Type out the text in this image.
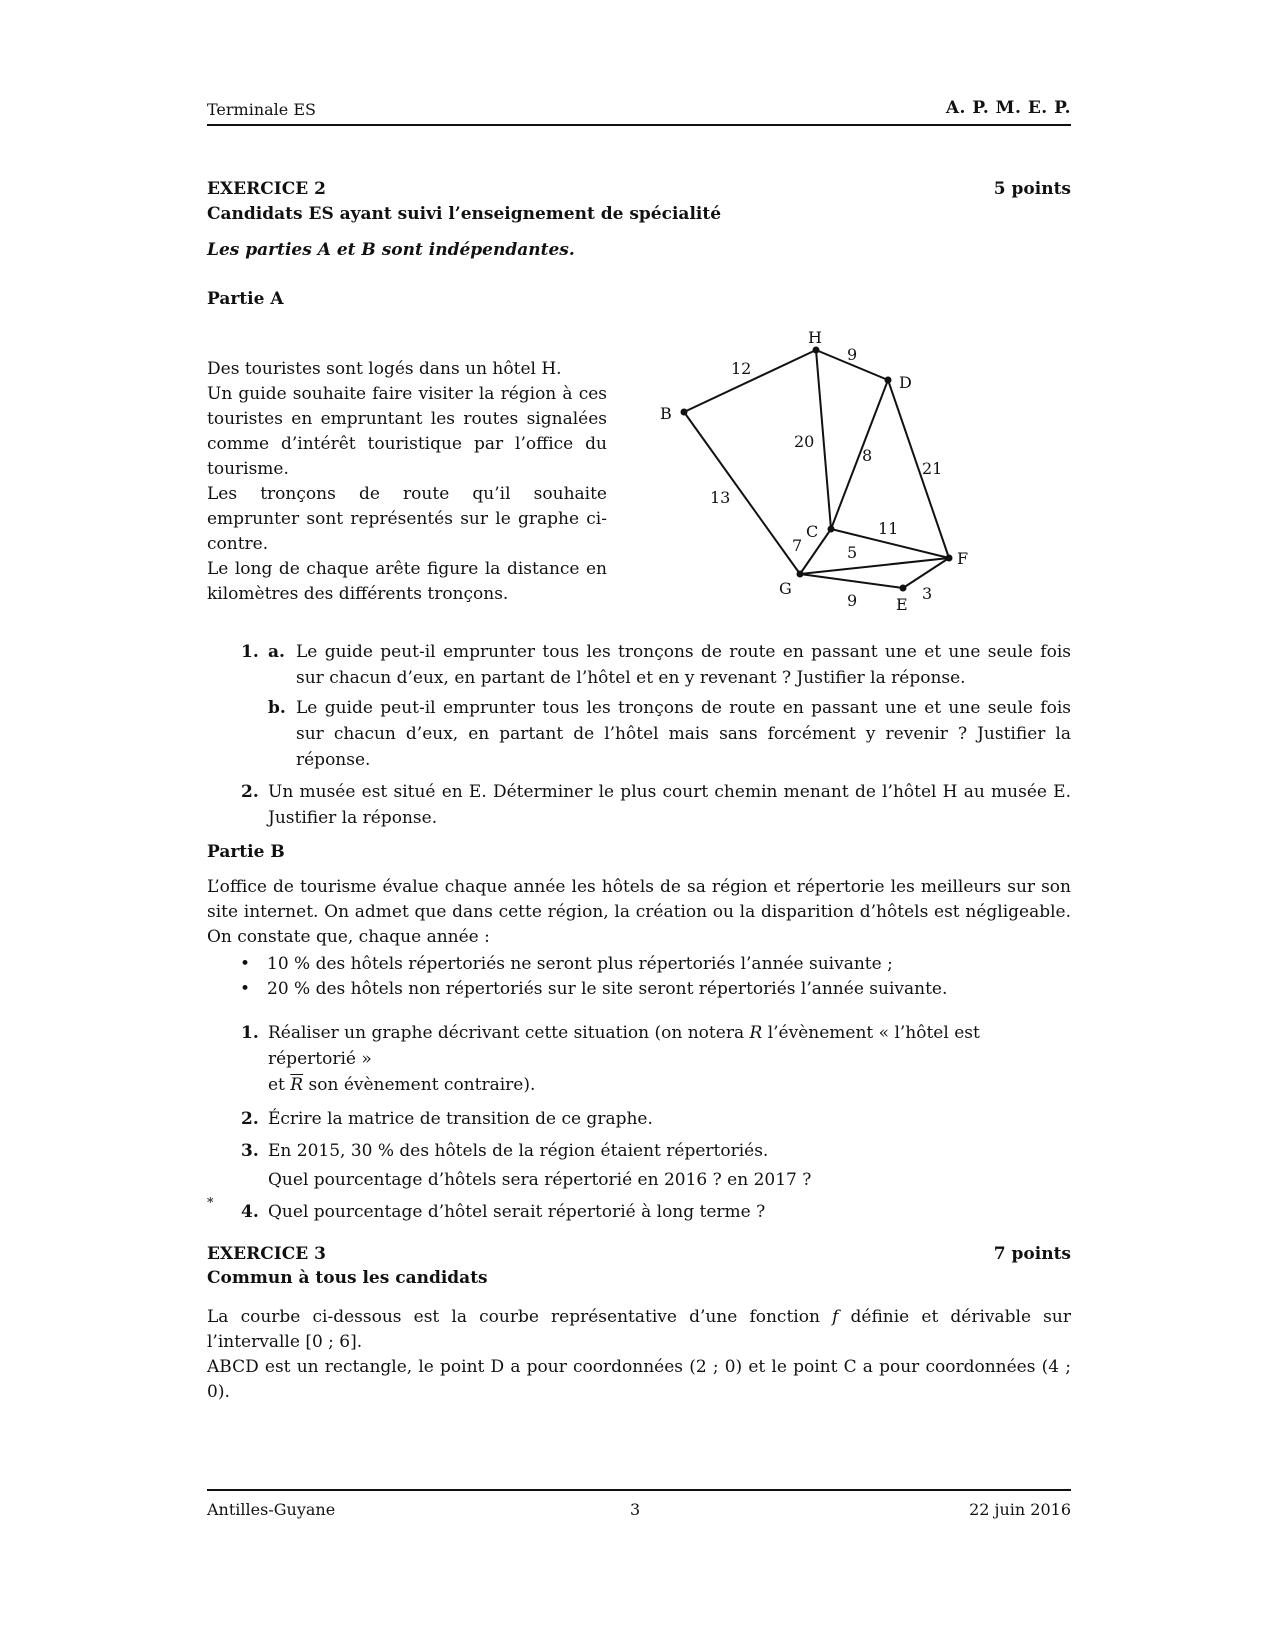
Terminale ES	A. P. M. E. P.
EXERCICE 2	5 points
Candidats ES ayant suivi l’enseignement de spécialité
Les parties A et B sont indépendantes.
Partie A
Des touristes sont logés dans un hôtel H.
Un guide souhaite faire visiter la région à ces touristes en empruntant les routes signalées comme d’intérêt touristique par l’office du tourisme.
Les tronçons de route qu’il souhaite emprunter sont représentés sur le graphe ci-contre.
Le long de chaque arête figure la distance en kilomètres des différents tronçons.
H
D
B
C
F
G
E
12
9
20
8
21
13
11
7	5
9	3
1. a. Le guide peut-il emprunter tous les tronçons de route en passant une et une seule fois sur chacun d’eux, en partant de l’hôtel et en y revenant ? Justifier la réponse.
b. Le guide peut-il emprunter tous les tronçons de route en passant une et une seule fois sur chacun d’eux, en partant de l’hôtel mais sans forcément y revenir ? Justifier la réponse.
2. Un musée est situé en E. Déterminer le plus court chemin menant de l’hôtel H au musée E. Justifier la réponse.
Partie B
L’office de tourisme évalue chaque année les hôtels de sa région et répertorie les meilleurs sur son site internet. On admet que dans cette région, la création ou la disparition d’hôtels est négligeable. On constate que, chaque année :
• 10 % des hôtels répertoriés ne seront plus répertoriés l’année suivante ;
• 20 % des hôtels non répertoriés sur le site seront répertoriés l’année suivante.
1. Réaliser un graphe décrivant cette situation (on notera R l’évènement « l’hôtel est répertorié »
et $\overline{R}$ son évènement contraire).
2. Écrire la matrice de transition de ce graphe.
3. En 2015, 30 % des hôtels de la région étaient répertoriés.
Quel pourcentage d’hôtels sera répertorié en 2016 ? en 2017 ?
4. Quel pourcentage d’hôtel serait répertorié à long terme ?
*
EXERCICE 3	7 points
Commun à tous les candidats
La courbe ci-dessous est la courbe représentative d’une fonction f définie et dérivable sur l’intervalle [0 ; 6].
ABCD est un rectangle, le point D a pour coordonnées (2 ; 0) et le point C a pour coordonnées (4 ; 0).
Antilles-Guyane	3	22 juin 2016
